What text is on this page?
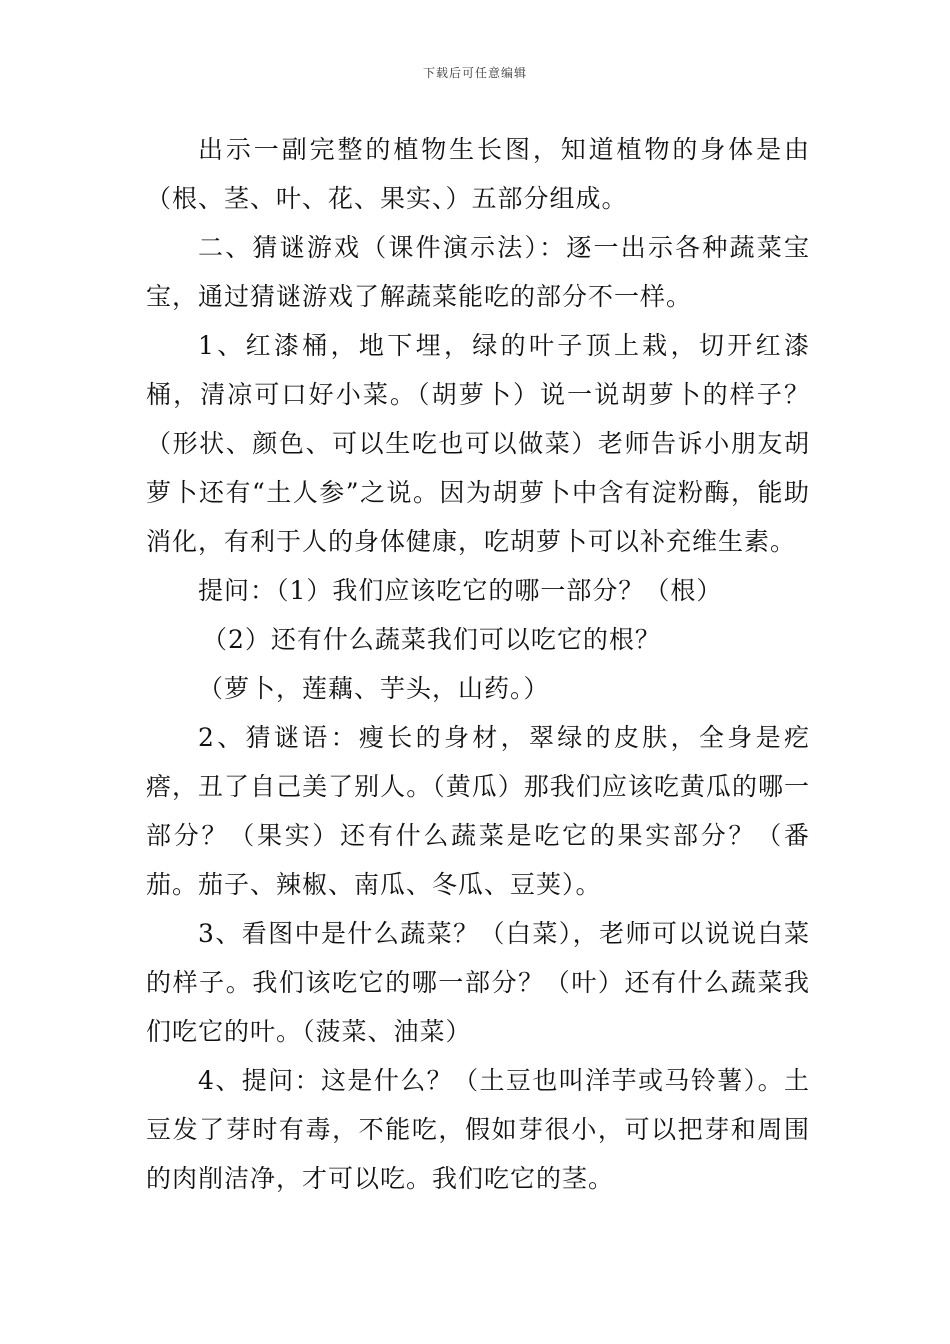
下载后可任意编辑

出示一副完整的植物生长图，知道植物的身体是由（根、茎、叶、花、果实、）五部分组成。

二、猜谜游戏（课件演示法）：逐一出示各种蔬菜宝宝，通过猜谜游戏了解蔬菜能吃的部分不一样。

1、红漆桶，地下埋，绿的叶子顶上栽，切开红漆桶，清凉可口好小菜。（胡萝卜）说一说胡萝卜的样子？（形状、颜色、可以生吃也可以做菜）老师告诉小朋友胡萝卜还有“土人参”之说。因为胡萝卜中含有淀粉酶，能助消化，有利于人的身体健康，吃胡萝卜可以补充维生素。

提问：（1）我们应该吃它的哪一部分？（根）

（2）还有什么蔬菜我们可以吃它的根？

（萝卜，莲藕、芋头，山药。）

2、猜谜语：瘦长的身材，翠绿的皮肤，全身是疙瘩，丑了自己美了别人。（黄瓜）那我们应该吃黄瓜的哪一部分？（果实）还有什么蔬菜是吃它的果实部分？（番茄。茄子、辣椒、南瓜、冬瓜、豆荚）。

3、看图中是什么蔬菜？（白菜），老师可以说说白菜的样子。我们该吃它的哪一部分？（叶）还有什么蔬菜我们吃它的叶。（菠菜、油菜）

4、提问：这是什么？（土豆也叫洋芋或马铃薯）。土豆发了芽时有毒，不能吃，假如芽很小，可以把芽和周围的肉削洁净，才可以吃。我们吃它的茎。
